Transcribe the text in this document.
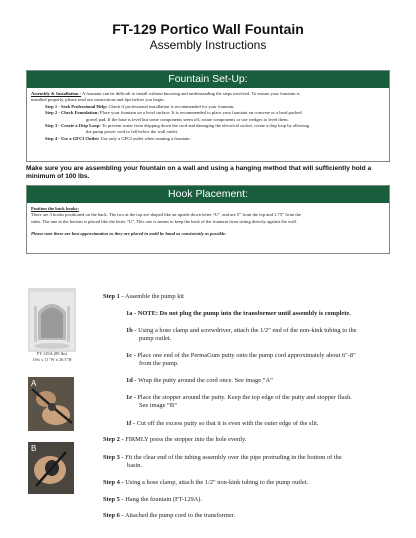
FT-129 Portico Wall Fountain
Assembly Instructions
Fountain Set-Up:
Assembly & Installation - A fountain can be difficult to install without knowing and understanding the steps involved. To ensure your fountain is
installed properly, please read our instructions and tips before you begin.
Step 1 - Seek Professional Help: Check if professional installation is recommended for your fountain.
Step 2 - Check Foundation: Place your fountain on a level surface. It is recommended to place your fountain on concrete or a hard packed
gravel pad. If the base is level but some components seem off, rotate components or use wedges to level them.
Step 3 - Create a Drip Loop: To prevent water from dripping down the cord and damaging the electrical socket, create a drip loop by allowing
the pump power cord to fall below the wall outlet.
Step 4 - Use a GFCI Outlet: Use only a GFCI outlet when running a fountain.
Make sure you are assembling your fountain on a wall and using a hanging method that will sufficiently hold a minimum of 100 lbs.
Hook Placement:
Position the back hooks:
There are 3 hooks positioned on the back. The two at the top are shaped like an upside down letter “U”, and are 5” from the top and 1.75” from the
sides. The one at the bottom is placed like the letter “U”. This one is meant to keep the back of the fountain from sitting directly against the wall.
Please note these are best approximation as they are placed in mold by hand as consistently as possible.
FT-129A (89 lbs)
16¾ x 11"W x 26.5"H
A
B
Step 1 - Assemble the pump kit
1a - NOTE: Do not plug the pump into the transformer until assembly is complete.
1b - Using a hose clamp and screwdriver, attach the 1/2" end of the non-kink tubing to the
pump outlet.
1c - Place one end of the PermaGum putty onto the pump cord approximately about 6"-8"
from the pump.
1d - Wrap the putty around the cord once. See image “A”
1e - Place the stopper around the putty. Keep the top edge of the putty and stopper flush.
See image “B”
1f - Cut off the excess putty so that it is even with the outer edge of the slit.
Step 2 - FIRMLY press the stopper into the hole evenly.
Step 3 - Fit the clear end of the tubing assembly over the pipe protruding in the bottom of the
basin.
Step 4 - Using a hose clamp, attach the 1/2" non-kink tubing to the pump outlet.
Step 5 - Hang the fountain (FT-129A).
Step 6 - Attached the pump cord to the transformer.
